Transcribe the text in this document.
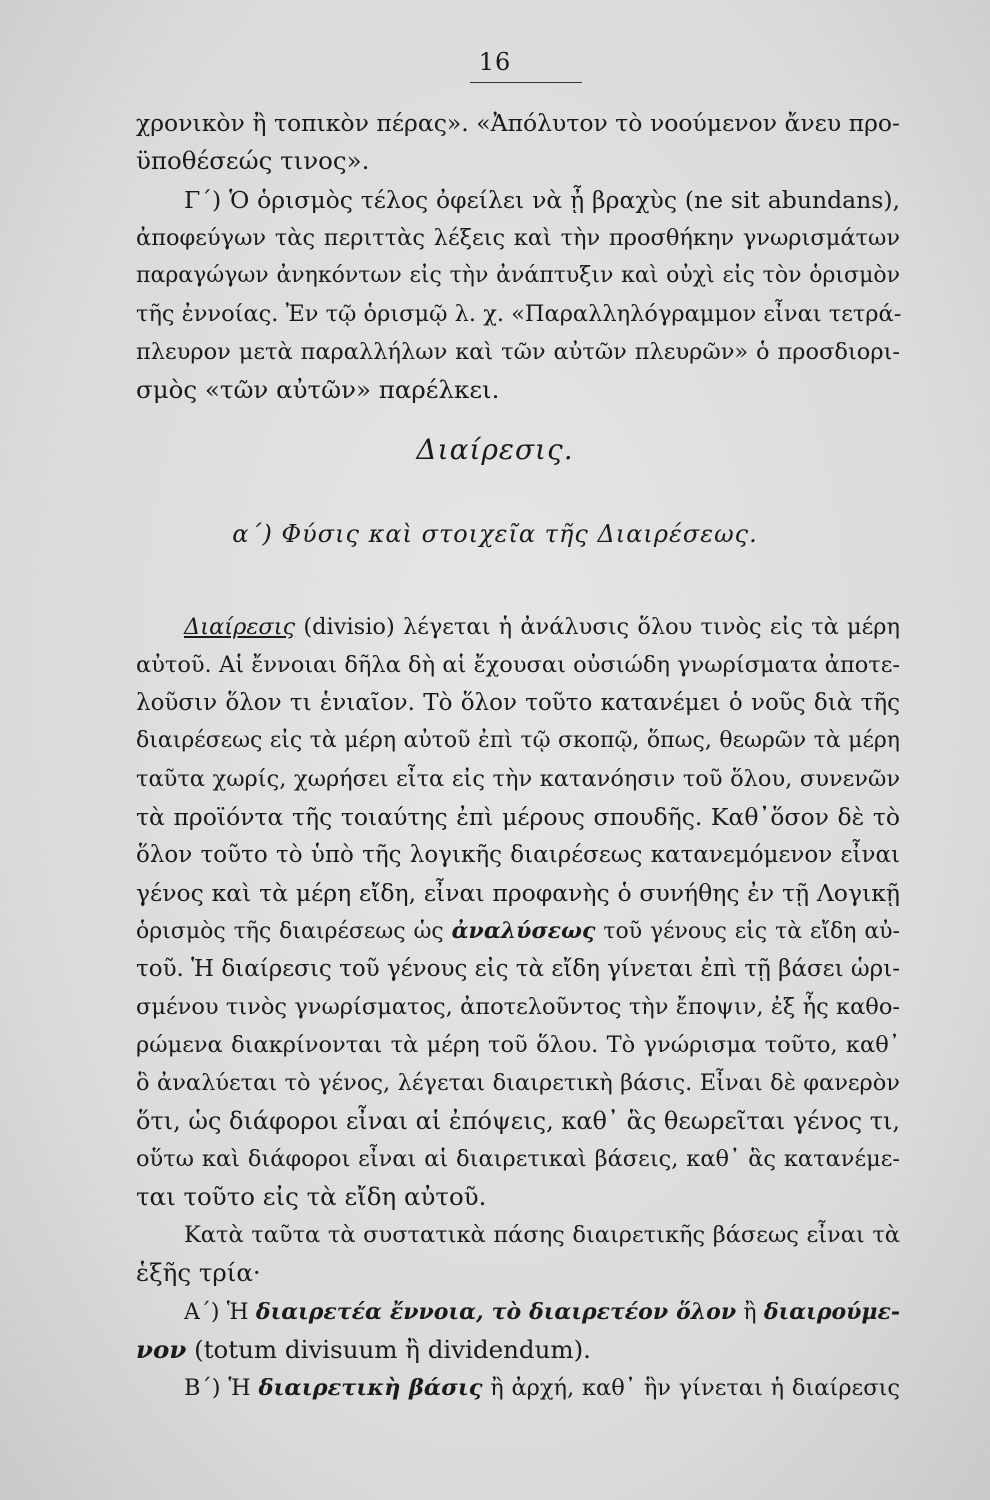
16
χρονικὸν ἢ τοπικὸν πέρας». «Ἀπόλυτον τὸ νοούμενον ἄνευ προ-
ϋποθέσεώς τινος».
Γ΄) Ὁ ὁρισμὸς τέλος ὀφείλει νὰ ᾖ βραχὺς (ne sit abundans),
ἀποφεύγων τὰς περιττὰς λέξεις καὶ τὴν προσθήκην γνωρισμάτων
παραγώγων ἀνηκόντων εἰς τὴν ἀνάπτυξιν καὶ οὐχὶ εἰς τὸν ὁρισμὸν
τῆς ἐννοίας. Ἐν τῷ ὁρισμῷ λ. χ. «Παραλληλόγραμμον εἶναι τετρά-
πλευρον μετὰ παραλλήλων καὶ τῶν αὐτῶν πλευρῶν» ὁ προσδιορι-
σμὸς «τῶν αὐτῶν» παρέλκει.
Διαίρεσις.
α΄) Φύσις καὶ στοιχεῖα τῆς Διαιρέσεως.
Διαίρεσις (divisio) λέγεται ἡ ἀνάλυσις ὅλου τινὸς εἰς τὰ μέρη
αὐτοῦ. Αἱ ἔννοιαι δῆλα δὴ αἱ ἔχουσαι οὐσιώδη γνωρίσματα ἀποτε-
λοῦσιν ὅλον τι ἑνιαῖον. Τὸ ὅλον τοῦτο κατανέμει ὁ νοῦς διὰ τῆς
διαιρέσεως εἰς τὰ μέρη αὐτοῦ ἐπὶ τῷ σκοπῷ, ὅπως, θεωρῶν τὰ μέρη
ταῦτα χωρίς, χωρήσει εἶτα εἰς τὴν κατανόησιν τοῦ ὅλου, συνενῶν
τὰ προϊόντα τῆς τοιαύτης ἐπὶ μέρους σπουδῆς. Καθ᾽ὅσον δὲ τὸ
ὅλον τοῦτο τὸ ὑπὸ τῆς λογικῆς διαιρέσεως κατανεμόμενον εἶναι
γένος καὶ τὰ μέρη εἴδη, εἶναι προφανὴς ὁ συνήθης ἐν τῇ Λογικῇ
ὁρισμὸς τῆς διαιρέσεως ὡς ἀναλύσεως τοῦ γένους εἰς τὰ εἴδη αὐ-
τοῦ. Ἡ διαίρεσις τοῦ γένους εἰς τὰ εἴδη γίνεται ἐπὶ τῇ βάσει ὡρι-
σμένου τινὸς γνωρίσματος, ἀποτελοῦντος τὴν ἔποψιν, ἐξ ἧς καθο-
ρώμενα διακρίνονται τὰ μέρη τοῦ ὅλου. Τὸ γνώρισμα τοῦτο, καθ᾽
ὃ ἀναλύεται τὸ γένος, λέγεται διαιρετικὴ βάσις. Εἶναι δὲ φανερὸν
ὅτι, ὡς διάφοροι εἶναι αἱ ἐπόψεις, καθ᾽ ἃς θεωρεῖται γένος τι,
οὕτω καὶ διάφοροι εἶναι αἱ διαιρετικαὶ βάσεις, καθ᾽ ἃς κατανέμε-
ται τοῦτο εἰς τὰ εἴδη αὐτοῦ.
Κατὰ ταῦτα τὰ συστατικὰ πάσης διαιρετικῆς βάσεως εἶναι τὰ
ἑξῆς τρία·
Α΄) Ἡ διαιρετέα ἔννοια, τὸ διαιρετέον ὅλον ἢ διαιρούμε-
νον (totum divisuum ἢ dividendum).
Β΄) Ἡ διαιρετικὴ βάσις ἢ ἀρχή, καθ᾽ ἣν γίνεται ἡ διαίρεσις
